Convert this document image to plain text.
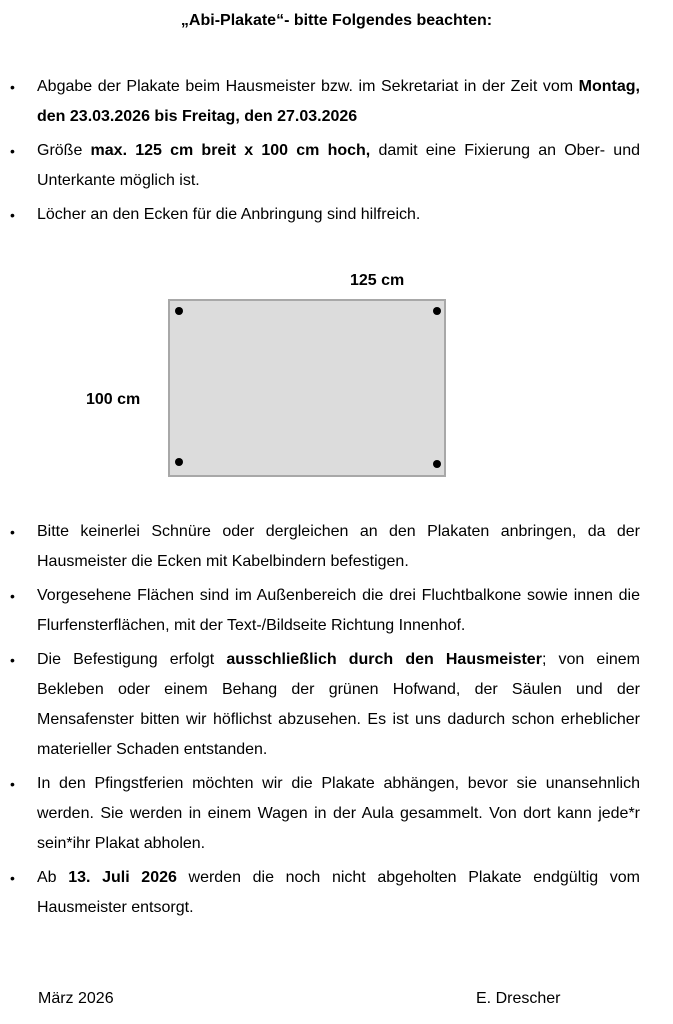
„Abi-Plakate“- bitte Folgendes beachten:
• Abgabe der Plakate beim Hausmeister bzw. im Sekretariat in der Zeit vom Montag, den 23.03.2026 bis Freitag, den 27.03.2026
• Größe max. 125 cm breit x 100 cm hoch, damit eine Fixierung an Ober- und Unterkante möglich ist.
• Löcher an den Ecken für die Anbringung sind hilfreich.
125 cm
100 cm
• Bitte keinerlei Schnüre oder dergleichen an den Plakaten anbringen, da der Hausmeister die Ecken mit Kabelbindern befestigen.
• Vorgesehene Flächen sind im Außenbereich die drei Fluchtbalkone sowie innen die Flurfensterflächen, mit der Text-/Bildseite Richtung Innenhof.
• Die Befestigung erfolgt ausschließlich durch den Hausmeister; von einem Bekleben oder einem Behang der grünen Hofwand, der Säulen und der Mensafenster bitten wir höflichst abzusehen. Es ist uns dadurch schon erheblicher materieller Schaden entstanden.
• In den Pfingstferien möchten wir die Plakate abhängen, bevor sie unansehnlich werden. Sie werden in einem Wagen in der Aula gesammelt. Von dort kann jede*r sein*ihr Plakat abholen.
• Ab 13. Juli 2026 werden die noch nicht abgeholten Plakate endgültig vom Hausmeister entsorgt.
März 2026	E. Drescher
